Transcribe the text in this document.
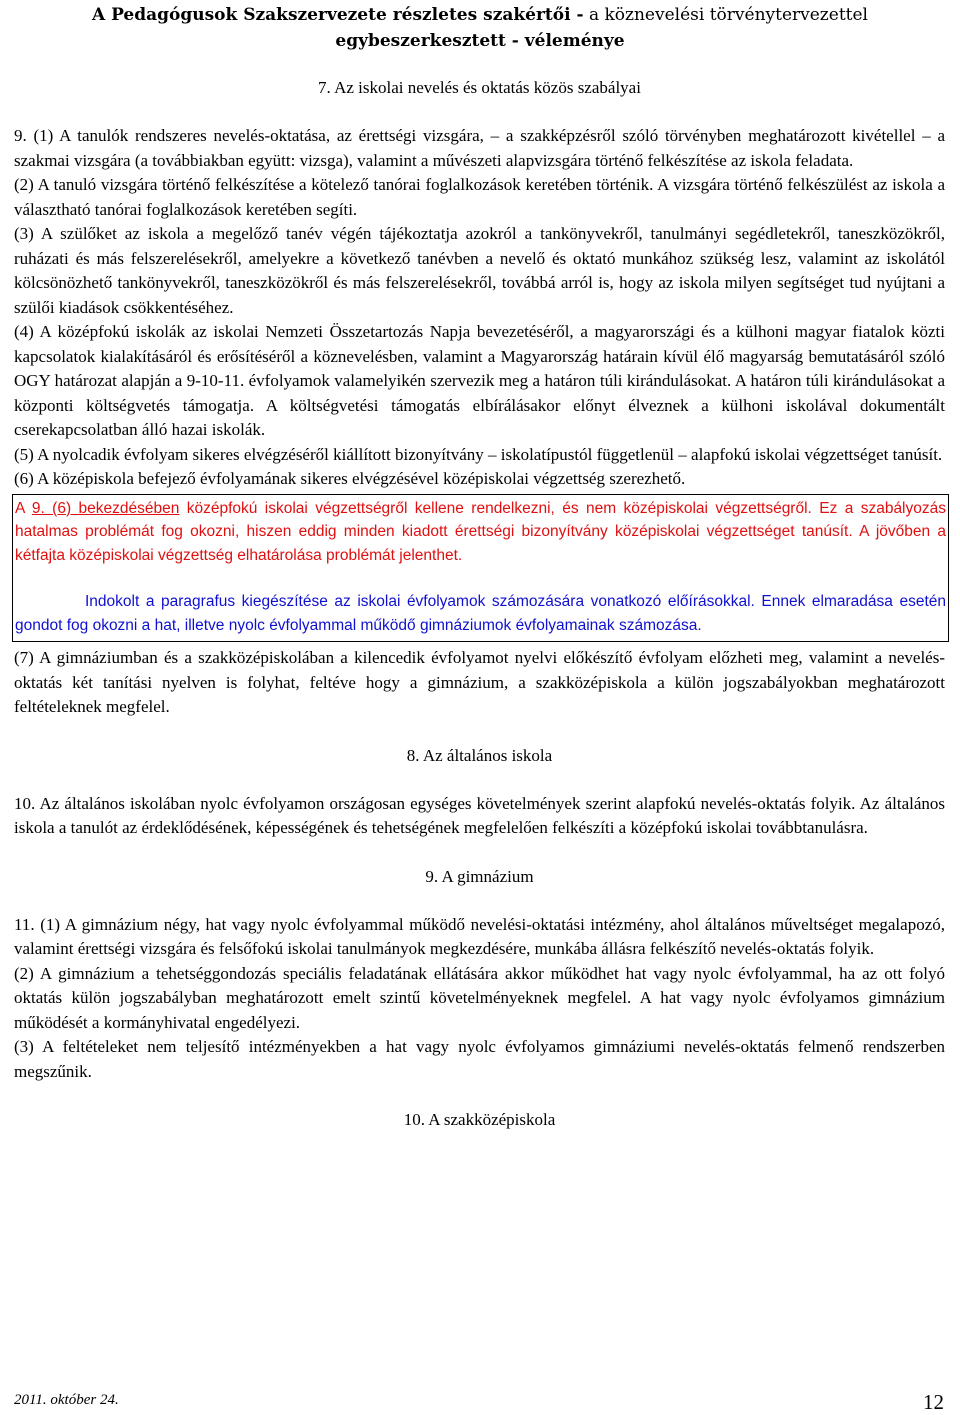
A Pedagógusok Szakszervezete részletes szakértői - a köznevelési törvénytervezettel
egybeszerkesztett - véleménye
7. Az iskolai nevelés és oktatás közös szabályai

9. (1) A tanulók rendszeres nevelés-oktatása, az érettségi vizsgára, – a szakképzésről szóló törvényben meghatározott kivétellel – a szakmai vizsgára (a továbbiakban együtt: vizsga), valamint a művészeti alapvizsgára történő felkészítése az iskola feladata.

(2) A tanuló vizsgára történő felkészítése a kötelező tanórai foglalkozások keretében történik. A vizsgára történő felkészülést az iskola a választható tanórai foglalkozások keretében segíti.

(3) A szülőket az iskola a megelőző tanév végén tájékoztatja azokról a tankönyvekről, tanulmányi segédletekről, taneszközökről, ruházati és más felszerelésekről, amelyekre a következő tanévben a nevelő és oktató munkához szükség lesz, valamint az iskolától kölcsönözhető tankönyvekről, taneszközökről és más felszerelésekről, továbbá arról is, hogy az iskola milyen segítséget tud nyújtani a szülői kiadások csökkentéséhez.

(4) A középfokú iskolák az iskolai Nemzeti Összetartozás Napja bevezetéséről, a magyarországi és a külhoni magyar fiatalok közti kapcsolatok kialakításáról és erősítéséről a köznevelésben, valamint a Magyarország határain kívül élő magyarság bemutatásáról szóló OGY határozat alapján a 9-10-11. évfolyamok valamelyikén szervezik meg a határon túli kirándulásokat. A határon túli kirándulásokat a központi költségvetés támogatja. A költségvetési támogatás elbírálásakor előnyt élveznek a külhoni iskolával dokumentált cserekapcsolatban álló hazai iskolák.

(5) A nyolcadik évfolyam sikeres elvégzéséről kiállított bizonyítvány – iskolatípustól függetlenül – alapfokú iskolai végzettséget tanúsít.

(6) A középiskola befejező évfolyamának sikeres elvégzésével középiskolai végzettség szerezhető.

A 9. (6) bekezdésében középfokú iskolai végzettségről kellene rendelkezni, és nem középiskolai végzettségről. Ez a szabályozás hatalmas problémát fog okozni, hiszen eddig minden kiadott érettségi bizonyítvány középiskolai végzettséget tanúsít. A jövőben a kétfajta középiskolai végzettség elhatárolása problémát jelenthet.

Indokolt a paragrafus kiegészítése az iskolai évfolyamok számozására vonatkozó előírásokkal. Ennek elmaradása esetén gondot fog okozni a hat, illetve nyolc évfolyammal működő gimnáziumok évfolyamainak számozása.

(7) A gimnáziumban és a szakközépiskolában a kilencedik évfolyamot nyelvi előkészítő évfolyam előzheti meg, valamint a nevelés-oktatás két tanítási nyelven is folyhat, feltéve hogy a gimnázium, a szakközépiskola a külön jogszabályokban meghatározott feltételeknek megfelel.

8. Az általános iskola

10. Az általános iskolában nyolc évfolyamon országosan egységes követelmények szerint alapfokú nevelés-oktatás folyik. Az általános iskola a tanulót az érdeklődésének, képességének és tehetségének megfelelően felkészíti a középfokú iskolai továbbtanulásra.

9. A gimnázium

11. (1) A gimnázium négy, hat vagy nyolc évfolyammal működő nevelési-oktatási intézmény, ahol általános műveltséget megalapozó, valamint érettségi vizsgára és felsőfokú iskolai tanulmányok megkezdésére, munkába állásra felkészítő nevelés-oktatás folyik.

(2) A gimnázium a tehetséggondozás speciális feladatának ellátására akkor működhet hat vagy nyolc évfolyammal, ha az ott folyó oktatás külön jogszabályban meghatározott emelt szintű követelményeknek megfelel. A hat vagy nyolc évfolyamos gimnázium működését a kormányhivatal engedélyezi.

(3) A feltételeket nem teljesítő intézményekben a hat vagy nyolc évfolyamos gimnáziumi nevelés-oktatás felmenő rendszerben megszűnik.

10. A szakközépiskola
2011. október 24.	12
